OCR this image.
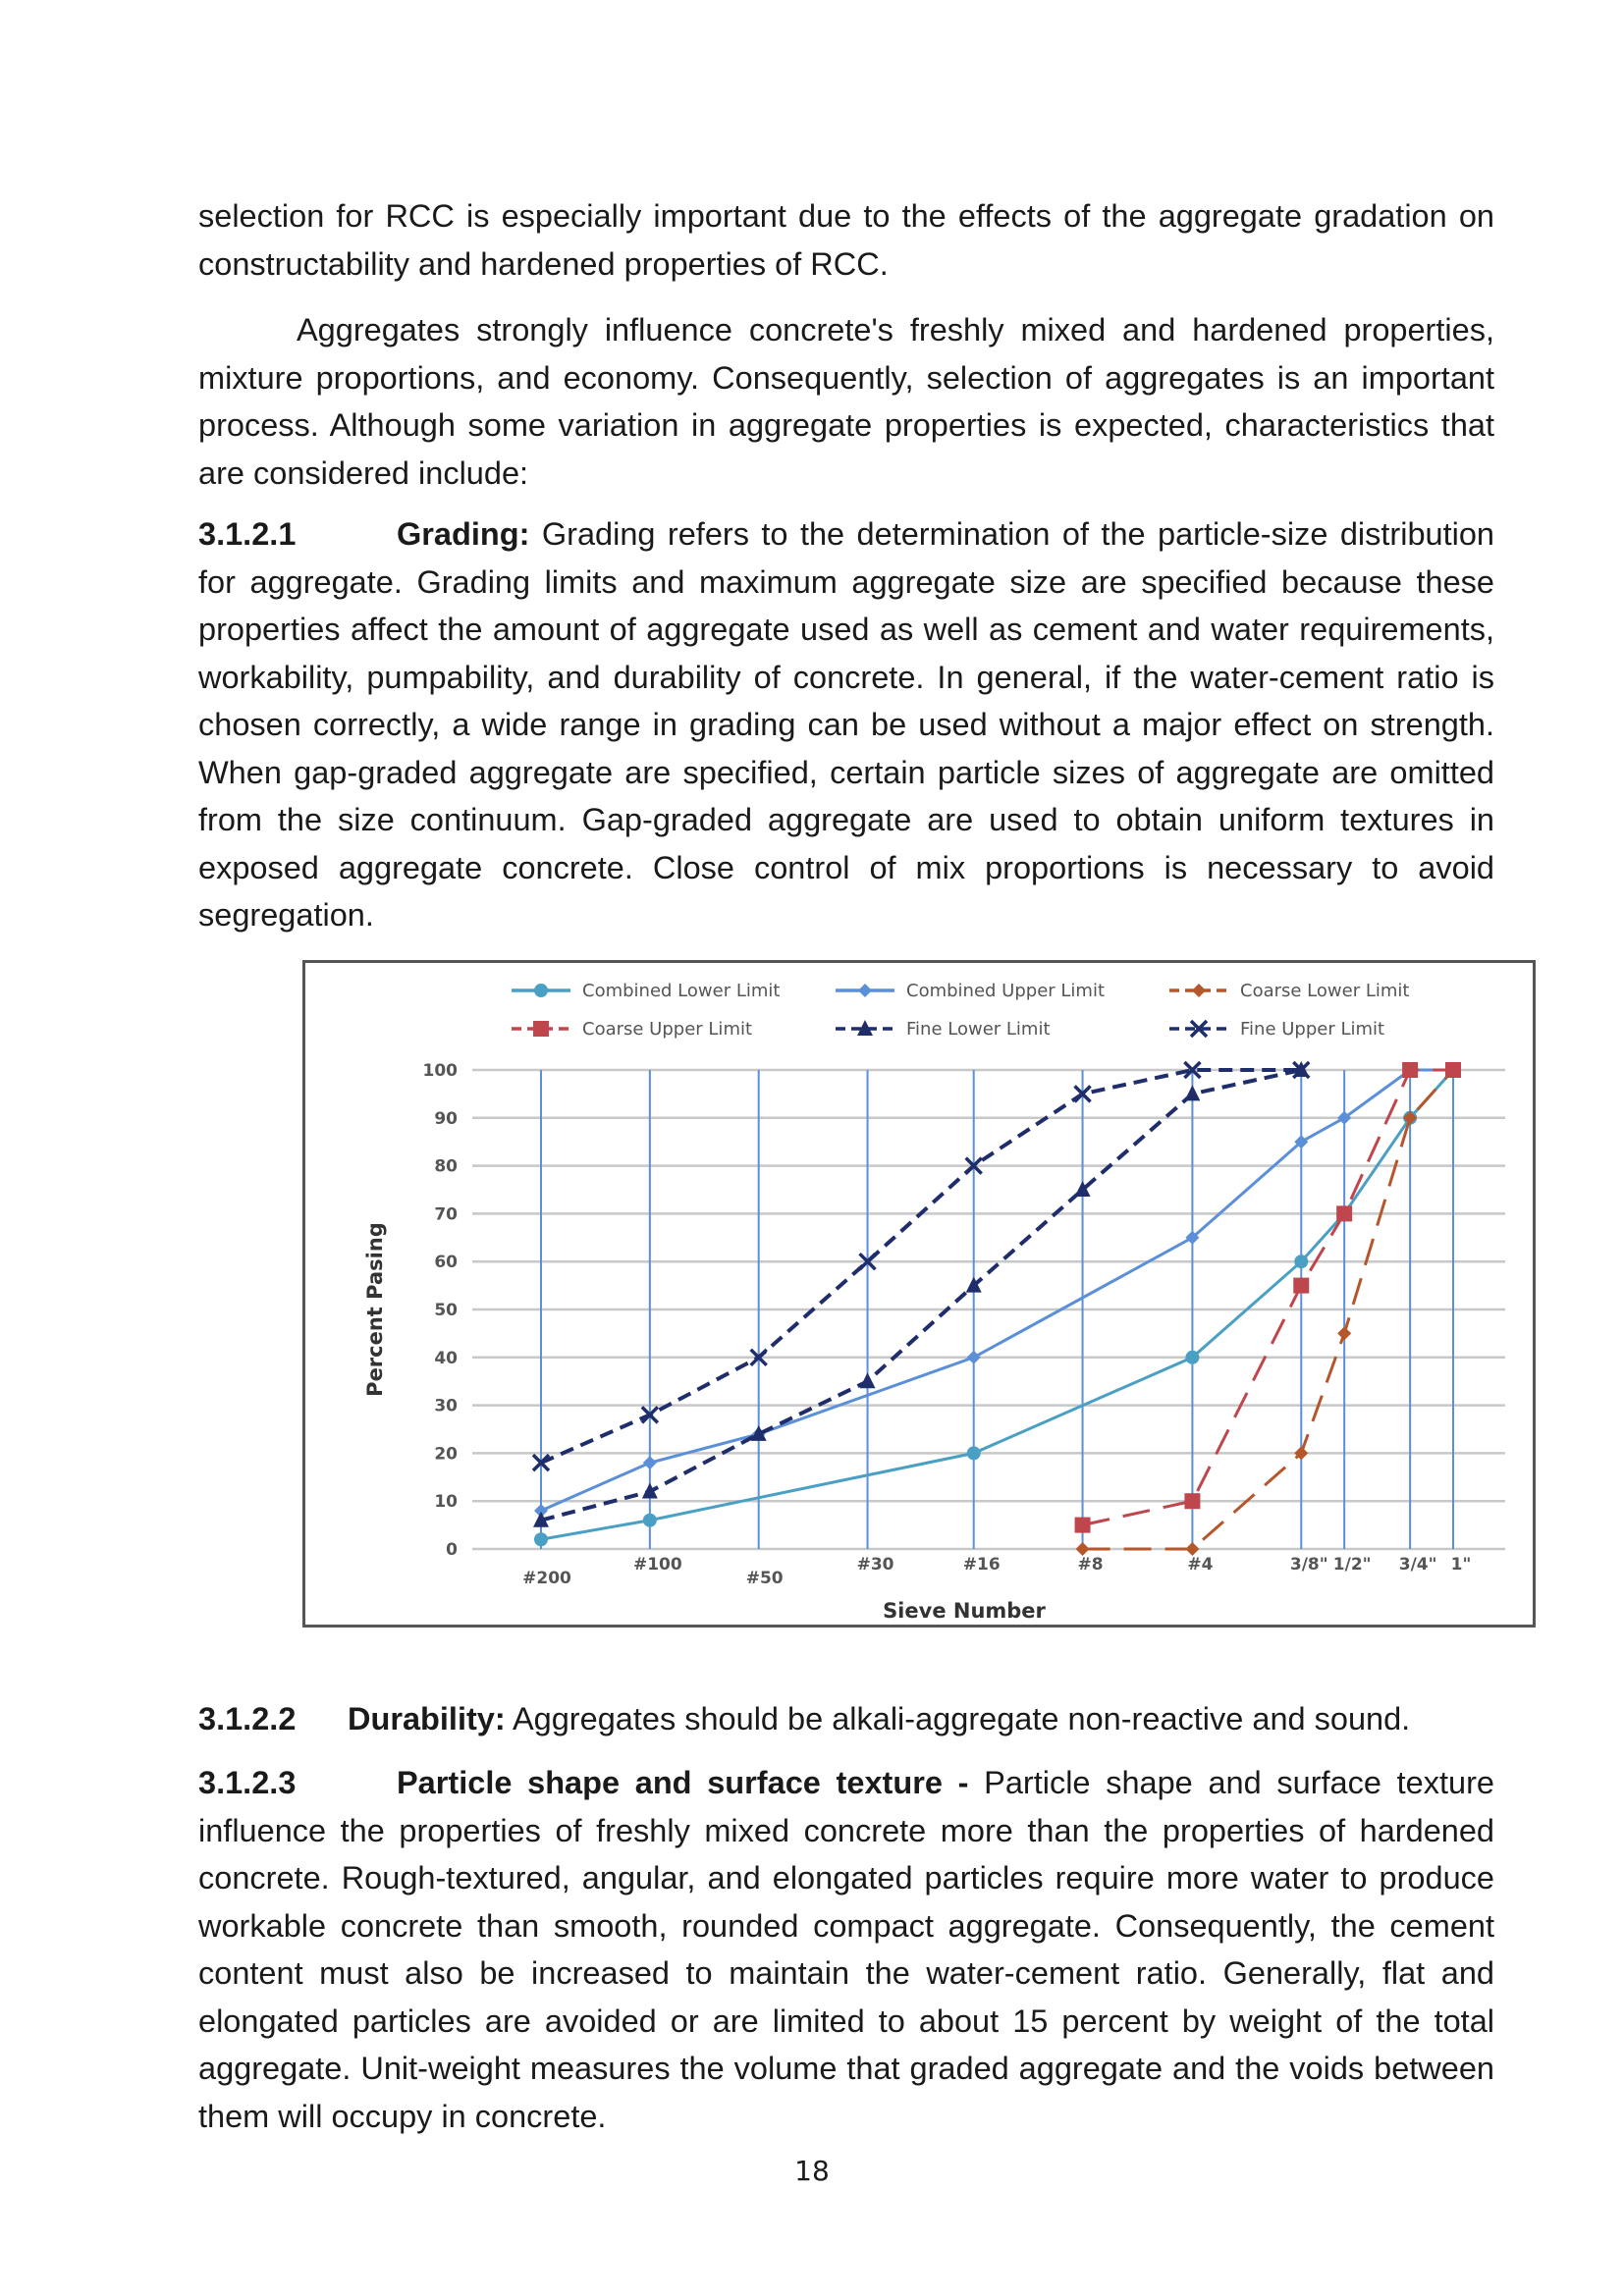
selection for RCC is especially important due to the effects of the aggregate gradation on constructability and hardened properties of RCC.

Aggregates strongly influence concrete's freshly mixed and hardened properties, mixture proportions, and economy. Consequently, selection of aggregates is an important process. Although some variation in aggregate properties is expected, characteristics that are considered include:

3.1.2.1	Grading: Grading refers to the determination of the particle-size distribution for aggregate. Grading limits and maximum aggregate size are specified because these properties affect the amount of aggregate used as well as cement and water requirements, workability, pumpability, and durability of concrete. In general, if the water-cement ratio is chosen correctly, a wide range in grading can be used without a major effect on strength. When gap-graded aggregate are specified, certain particle sizes of aggregate are omitted from the size continuum. Gap-graded aggregate are used to obtain uniform textures in exposed aggregate concrete. Close control of mix proportions is necessary to avoid segregation.

0
10
20
30
40
50
60
70
80
90
100
#200
#100
#50
#30	#16	#8	#4	3/8" 1/2" 3/4" 1"
Sieve Number
Percent Pasing
Combined Lower Limit	Combined Upper Limit	Coarse Lower Limit
Coarse Upper Limit	Fine Lower Limit	Fine Upper Limit

3.1.2.2 Durability: Aggregates should be alkali-aggregate non-reactive and sound.

3.1.2.3	Particle shape and surface texture - Particle shape and surface texture influence the properties of freshly mixed concrete more than the properties of hardened concrete. Rough-textured, angular, and elongated particles require more water to produce workable concrete than smooth, rounded compact aggregate. Consequently, the cement content must also be increased to maintain the water-cement ratio. Generally, flat and elongated particles are avoided or are limited to about 15 percent by weight of the total aggregate. Unit-weight measures the volume that graded aggregate and the voids between them will occupy in concrete.

18
